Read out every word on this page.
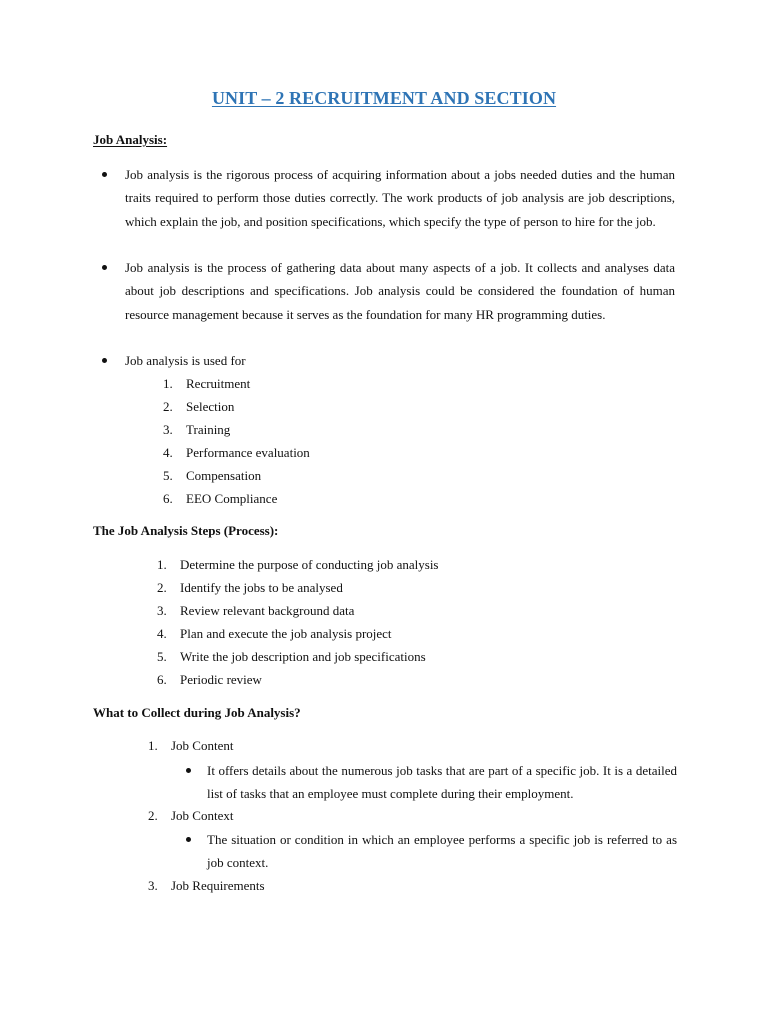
UNIT – 2 RECRUITMENT AND SECTION
Job Analysis:
Job analysis is the rigorous process of acquiring information about a jobs needed duties and the human traits required to perform those duties correctly. The work products of job analysis are job descriptions, which explain the job, and position specifications, which specify the type of person to hire for the job.
Job analysis is the process of gathering data about many aspects of a job. It collects and analyses data about job descriptions and specifications. Job analysis could be considered the foundation of human resource management because it serves as the foundation for many HR programming duties.
Job analysis is used for
1.	Recruitment
2.	Selection
3.	Training
4.	Performance evaluation
5.	Compensation
6.	EEO Compliance
The Job Analysis Steps (Process):
1.	Determine the purpose of conducting job analysis
2.	Identify the jobs to be analysed
3.	Review relevant background data
4.	Plan and execute the job analysis project
5.	Write the job description and job specifications
6.	Periodic review
What to Collect during Job Analysis?
1.	Job Content
It offers details about the numerous job tasks that are part of a specific job. It is a detailed list of tasks that an employee must complete during their employment.
2.	Job Context
The situation or condition in which an employee performs a specific job is referred to as job context.
3.	Job Requirements
